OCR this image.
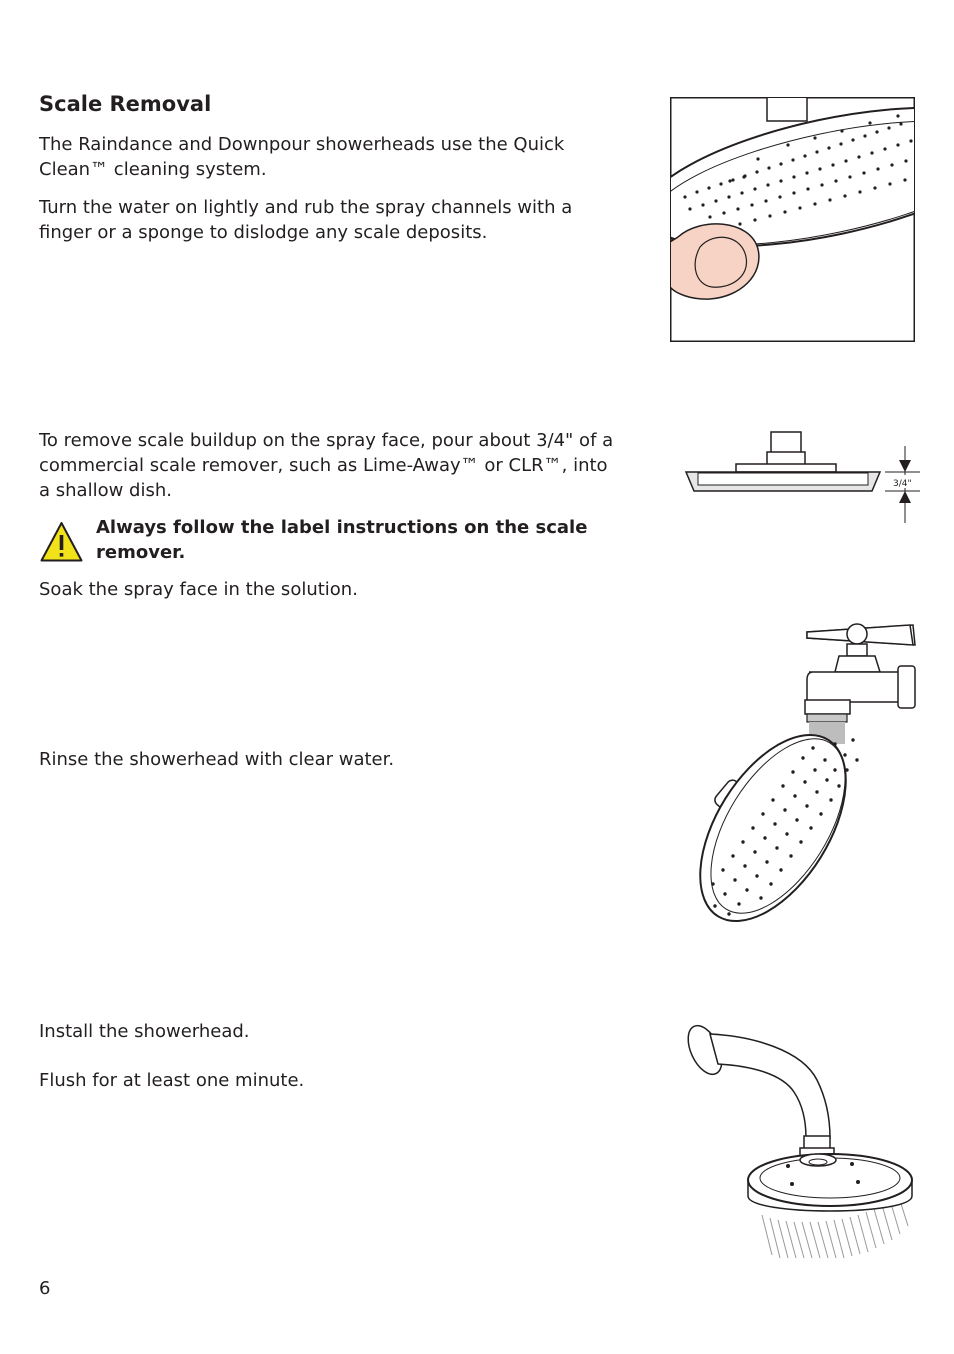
Scale Removal

The Raindance and Downpour showerheads use the Quick Clean™ cleaning system.

Turn the water on lightly and rub the spray channels with a finger or a sponge to dislodge any scale deposits.

To remove scale buildup on the spray face, pour about 3/4" of a commercial scale remover, such as Lime-Away™ or CLR™, into a shallow dish.	3/4"

Always follow the label instructions on the scale remover.

Soak the spray face in the solution.

Rinse the showerhead with clear water.

Install the showerhead.

Flush for at least one minute.

6
